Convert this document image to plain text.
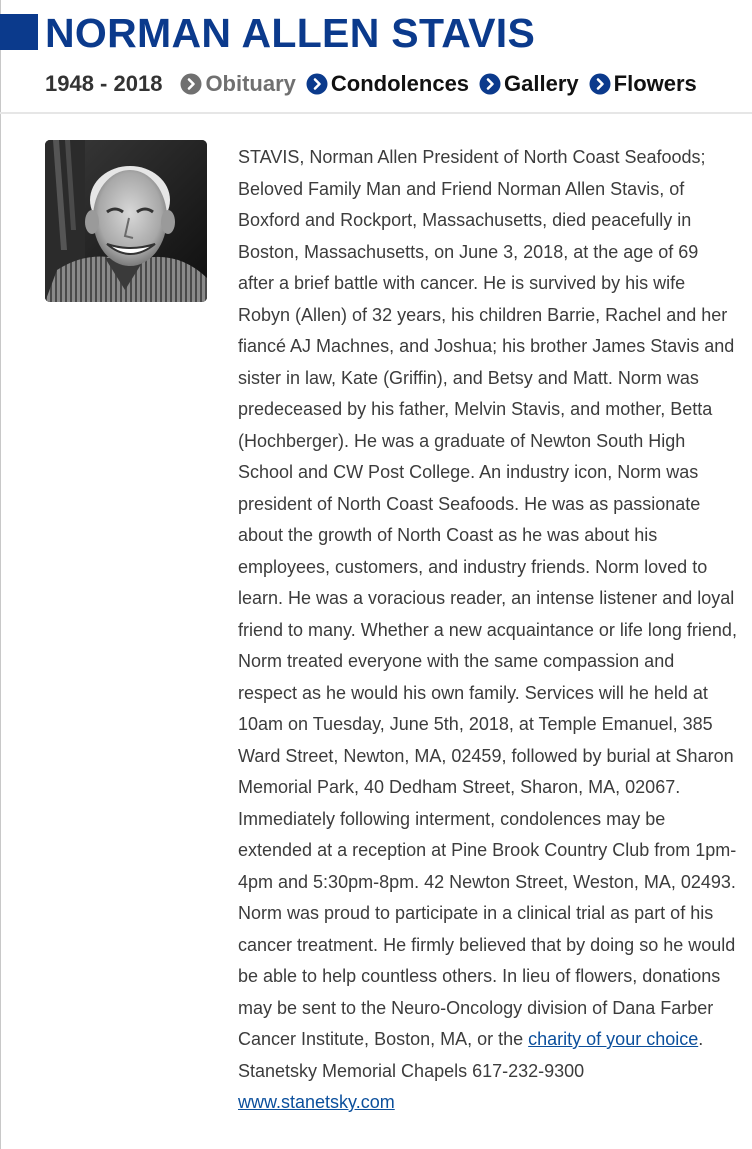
NORMAN ALLEN STAVIS
1948 - 2018 Obituary Condolences Gallery Flowers

STAVIS, Norman Allen President of North Coast Seafoods; Beloved Family Man and Friend Norman Allen Stavis, of Boxford and Rockport, Massachusetts, died peacefully in Boston, Massachusetts, on June 3, 2018, at the age of 69 after a brief battle with cancer. He is survived by his wife Robyn (Allen) of 32 years, his children Barrie, Rachel and her fiancé AJ Machnes, and Joshua; his brother James Stavis and sister in law, Kate (Griffin), and Betsy and Matt. Norm was predeceased by his father, Melvin Stavis, and mother, Betta (Hochberger). He was a graduate of Newton South High School and CW Post College. An industry icon, Norm was president of North Coast Seafoods. He was as passionate about the growth of North Coast as he was about his employees, customers, and industry friends. Norm loved to learn. He was a voracious reader, an intense listener and loyal friend to many. Whether a new acquaintance or life long friend, Norm treated everyone with the same compassion and respect as he would his own family. Services will he held at 10am on Tuesday, June 5th, 2018, at Temple Emanuel, 385 Ward Street, Newton, MA, 02459, followed by burial at Sharon Memorial Park, 40 Dedham Street, Sharon, MA, 02067. Immediately following interment, condolences may be extended at a reception at Pine Brook Country Club from 1pm-4pm and 5:30pm-8pm. 42 Newton Street, Weston, MA, 02493. Norm was proud to participate in a clinical trial as part of his cancer treatment. He firmly believed that by doing so he would be able to help countless others. In lieu of flowers, donations may be sent to the Neuro-Oncology division of Dana Farber Cancer Institute, Boston, MA, or the charity of your choice.
Stanetsky Memorial Chapels 617-232-9300
www.stanetsky.com
